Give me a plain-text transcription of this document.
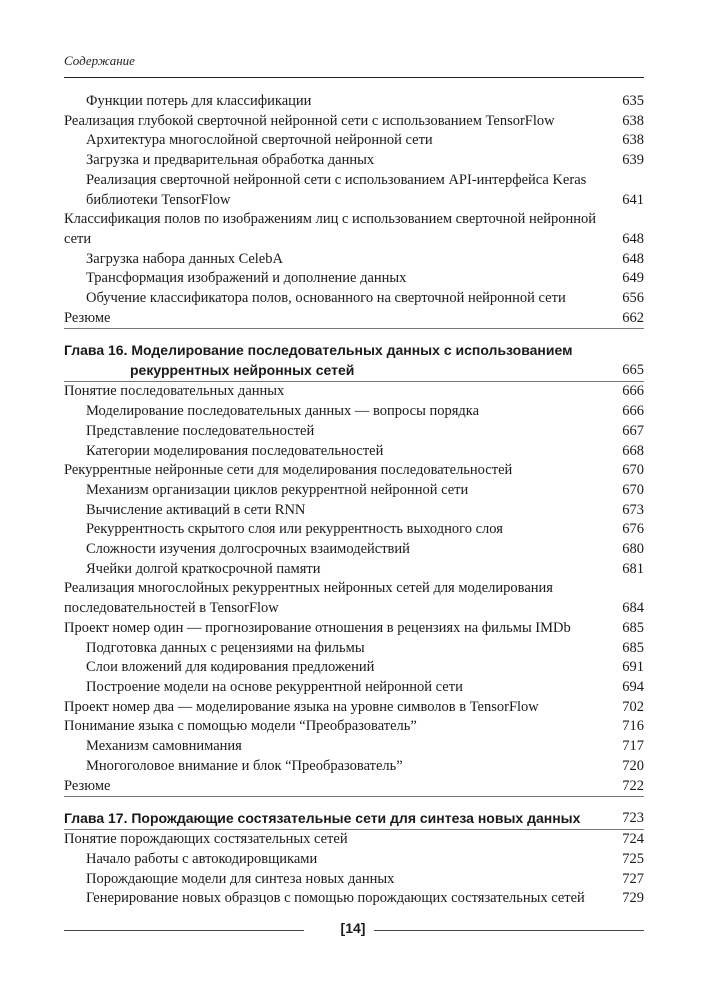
Содержание
Функции потерь для классификации	635
Реализация глубокой сверточной нейронной сети с использованием TensorFlow	638
Архитектура многослойной сверточной нейронной сети	638
Загрузка и предварительная обработка данных	639
Реализация сверточной нейронной сети с использованием API-интерфейса Keras библиотеки TensorFlow	641
Классификация полов по изображениям лиц с использованием сверточной нейронной сети	648
Загрузка набора данных CelebA	648
Трансформация изображений и дополнение данных	649
Обучение классификатора полов, основанного на сверточной нейронной сети	656
Резюме	662
Глава 16. Моделирование последовательных данных с использованием
рекуррентных нейронных сетей	665
Понятие последовательных данных	666
Моделирование последовательных данных — вопросы порядка	666
Представление последовательностей	667
Категории моделирования последовательностей	668
Рекуррентные нейронные сети для моделирования последовательностей	670
Механизм организации циклов рекуррентной нейронной сети	670
Вычисление активаций в сети RNN	673
Рекуррентность скрытого слоя или рекуррентность выходного слоя	676
Сложности изучения долгосрочных взаимодействий	680
Ячейки долгой краткосрочной памяти	681
Реализация многослойных рекуррентных нейронных сетей для моделирования последовательностей в TensorFlow	684
Проект номер один — прогнозирование отношения в рецензиях на фильмы IMDb	685
Подготовка данных с рецензиями на фильмы	685
Слои вложений для кодирования предложений	691
Построение модели на основе рекуррентной нейронной сети	694
Проект номер два — моделирование языка на уровне символов в TensorFlow	702
Понимание языка с помощью модели “Преобразователь”	716
Механизм самовнимания	717
Многоголовое внимание и блок “Преобразователь”	720
Резюме	722
Глава 17. Порождающие состязательные сети для синтеза новых данных	723
Понятие порождающих состязательных сетей	724
Начало работы с автокодировщиками	725
Порождающие модели для синтеза новых данных	727
Генерирование новых образцов с помощью порождающих состязательных сетей	729
[14]
